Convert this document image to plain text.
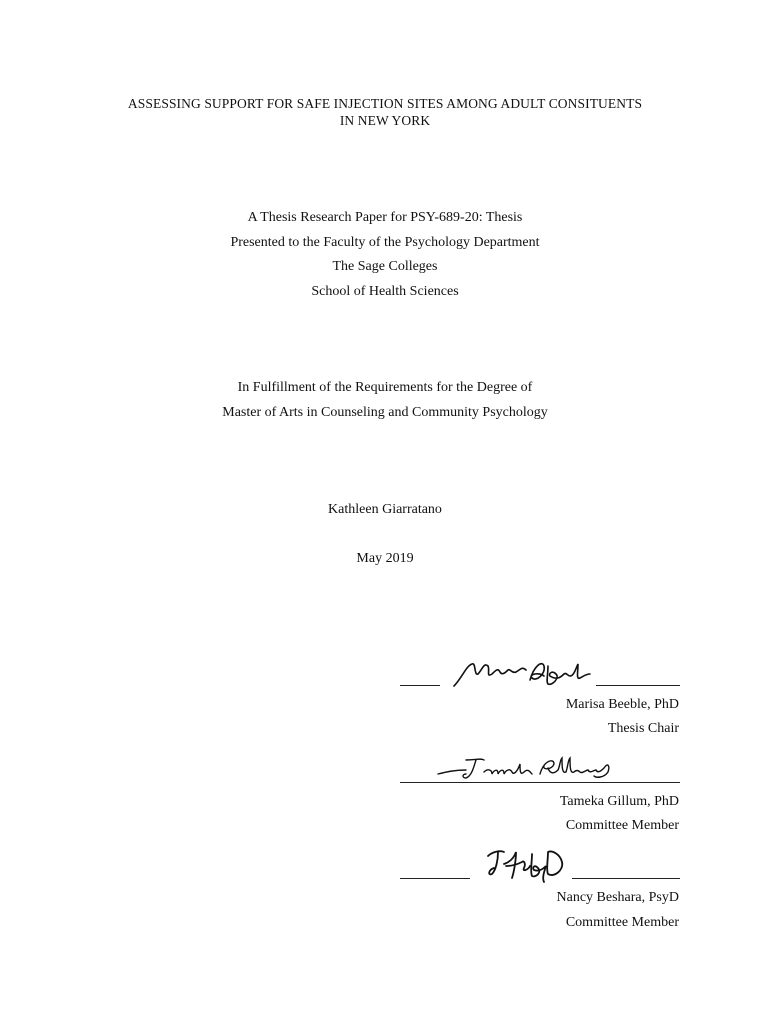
ASSESSING SUPPORT FOR SAFE INJECTION SITES AMONG ADULT CONSITUENTS
IN NEW YORK
A Thesis Research Paper for PSY-689-20: Thesis
Presented to the Faculty of the Psychology Department
The Sage Colleges
School of Health Sciences
In Fulfillment of the Requirements for the Degree of
Master of Arts in Counseling and Community Psychology
Kathleen Giarratano
May 2019
Marisa Beeble, PhD
Thesis Chair
Tameka Gillum, PhD
Committee Member
Nancy Beshara, PsyD
Committee Member
